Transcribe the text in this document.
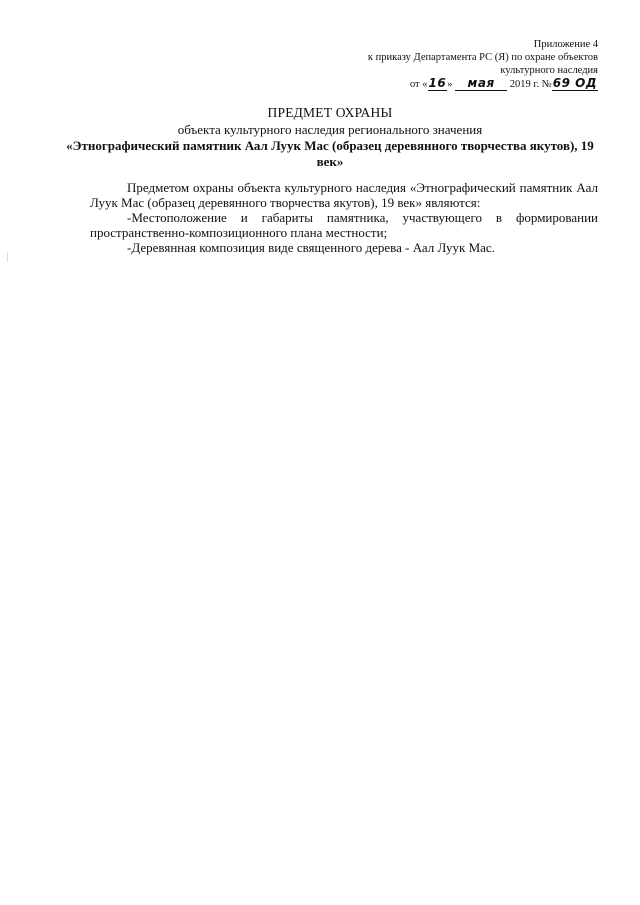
Приложение 4
к приказу Департамента РС (Я) по охране объектов
культурного наследия
от «16» мая 2019 г. №69 ОД
ПРЕДМЕТ ОХРАНЫ
объекта культурного наследия регионального значения
«Этнографический памятник Аал Луук Мас (образец деревянного творчества якутов), 19 век»

Предметом охраны объекта культурного наследия «Этнографический памятник Аал Луук Мас (образец деревянного творчества якутов), 19 век» являются:

-Местоположение и габариты памятника, участвующего в формировании пространственно-композиционного плана местности;

-Деревянная композиция виде священного дерева - Аал Луук Мас.
